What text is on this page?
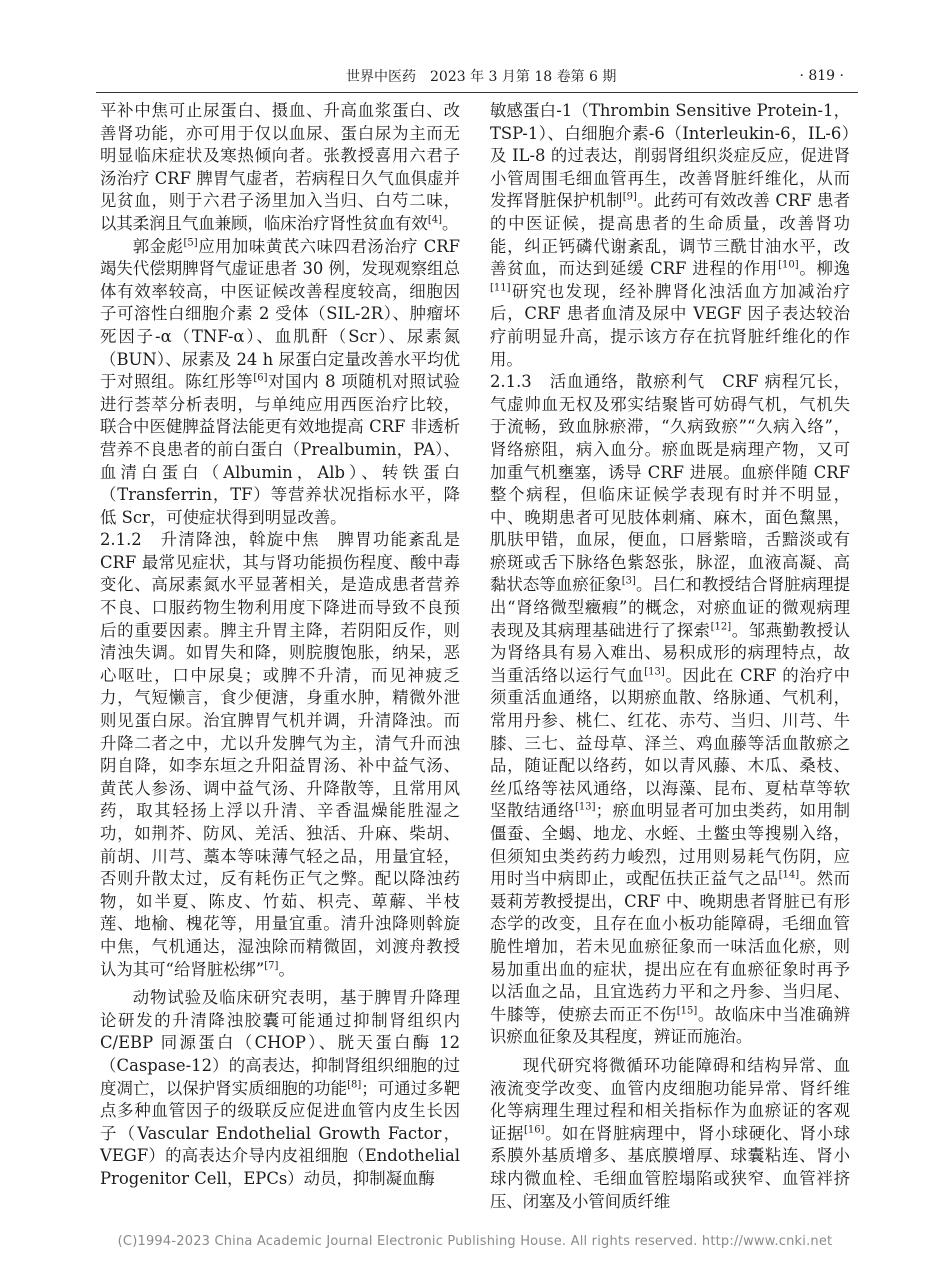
世界中医药　 2023 年 3 月第 18 卷第 6 期	· 819 ·

平补中焦可止尿蛋白、摄血、升高血浆蛋白、改善肾功能，亦可用于仅以血尿、蛋白尿为主而无明显临床症状及寒热倾向者。张教授喜用六君子汤治疗 CRF 脾胃气虚者，若病程日久气血俱虚并见贫血，则于六君子汤里加入当归、白芍二味，以其柔润且气血兼顾，临床治疗肾性贫血有效[4]。

郭金彪[5]应用加味黄芪六味四君汤治疗 CRF 竭失代偿期脾肾气虚证患者 30 例，发现观察组总体有效率较高，中医证候改善程度较高，细胞因子可溶性白细胞介素 2 受体（SIL-2R）、肿瘤坏死因子-α（TNF-α）、血肌酐（Scr）、尿素氮（BUN）、尿素及 24 h 尿蛋白定量改善水平均优于对照组。陈红彤等[6]对国内 8 项随机对照试验进行荟萃分析表明，与单纯应用西医治疗比较，联合中医健脾益肾法能更有效地提高 CRF 非透析营养不良患者的前白蛋白（Prealbumin，PA）、血清白蛋白（Albumin，Alb）、转铁蛋白（Transferrin，TF）等营养状况指标水平，降低 Scr，可使症状得到明显改善。

2.1.2　升清降浊，斡旋中焦　 脾胃功能紊乱是 CRF 最常见症状，其与肾功能损伤程度、酸中毒变化、高尿素氮水平显著相关，是造成患者营养不良、口服药物生物利用度下降进而导致不良预后的重要因素。脾主升胃主降，若阴阳反作，则清浊失调。如胃失和降，则脘腹饱胀，纳呆，恶心呕吐，口中尿臭；或脾不升清，而见神疲乏力，气短懒言，食少便溏，身重水肿，精微外泄则见蛋白尿。治宜脾胃气机并调，升清降浊。而升降二者之中，尤以升发脾气为主，清气升而浊阴自降，如李东垣之升阳益胃汤、补中益气汤、黄芪人参汤、调中益气汤、升降散等，且常用风药，取其轻扬上浮以升清、辛香温燥能胜湿之功，如荆芥、防风、羌活、独活、升麻、柴胡、前胡、川芎、藁本等味薄气轻之品，用量宜轻，否则升散太过，反有耗伤正气之弊。配以降浊药物，如半夏、陈皮、竹茹、枳壳、萆薢、半枝莲、地榆、槐花等，用量宜重。清升浊降则斡旋中焦，气机通达，湿浊除而精微固，刘渡舟教授认为其可“给肾脏松绑”[7]。

动物试验及临床研究表明，基于脾胃升降理论研发的升清降浊胶囊可能通过抑制肾组织内 C/EBP 同源蛋白（CHOP）、胱天蛋白酶 12（Caspase-12）的高表达，抑制肾组织细胞的过度凋亡，以保护肾实质细胞的功能[8]；可通过多靶点多种血管因子的级联反应促进血管内皮生长因子（Vascular Endothelial Growth Factor，VEGF）的高表达介导内皮祖细胞（Endothelial Progenitor Cell，EPCs）动员，抑制凝血酶

敏感蛋白-1（Thrombin Sensitive Protein-1，TSP-1）、白细胞介素-6（Interleukin-6，IL-6）及 IL-8 的过表达，削弱肾组织炎症反应，促进肾小管周围毛细血管再生，改善肾脏纤维化，从而发挥肾脏保护机制[9]。此药可有效改善 CRF 患者的中医证候，提高患者的生命质量，改善肾功能，纠正钙磷代谢紊乱，调节三酰甘油水平，改善贫血，而达到延缓 CRF 进程的作用[10]。柳逸[11]研究也发现，经补脾肾化浊活血方加减治疗后，CRF 患者血清及尿中 VEGF 因子表达较治疗前明显升高，提示该方存在抗肾脏纤维化的作用。

2.1.3　活血通络，散瘀利气　 CRF 病程冗长，气虚帅血无权及邪实结聚皆可妨碍气机，气机失于流畅，致血脉瘀滞，“久病致瘀”“久病入络”，肾络瘀阻，病入血分。瘀血既是病理产物，又可加重气机壅塞，诱导 CRF 进展。血瘀伴随 CRF 整个病程，但临床证候学表现有时并不明显，中、晚期患者可见肢体刺痛、麻木，面色黧黑，肌肤甲错，血尿，便血，口唇紫暗，舌黯淡或有瘀斑或舌下脉络色紫怒张，脉涩，血液高凝、高黏状态等血瘀征象[3]。吕仁和教授结合肾脏病理提出“肾络微型癥瘕”的概念，对瘀血证的微观病理表现及其病理基础进行了探索[12]。邹燕勤教授认为肾络具有易入难出、易积成形的病理特点，故当重活络以运行气血[13]。因此在 CRF 的治疗中须重活血通络，以期瘀血散、络脉通、气机利，常用丹参、桃仁、红花、赤芍、当归、川芎、牛膝、三七、益母草、泽兰、鸡血藤等活血散瘀之品，随证配以络药，如以青风藤、木瓜、桑枝、丝瓜络等祛风通络，以海藻、昆布、夏枯草等软坚散结通络[13]；瘀血明显者可加虫类药，如用制僵蚕、全蝎、地龙、水蛭、土鳖虫等搜剔入络，但须知虫类药药力峻烈，过用则易耗气伤阴，应用时当中病即止，或配伍扶正益气之品[14]。然而聂莉芳教授提出，CRF 中、晚期患者肾脏已有形态学的改变，且存在血小板功能障碍，毛细血管脆性增加，若未见血瘀征象而一味活血化瘀，则易加重出血的症状，提出应在有血瘀征象时再予以活血之品，且宜选药力平和之丹参、当归尾、牛膝等，使瘀去而正不伤[15]。故临床中当准确辨识瘀血征象及其程度，辨证而施治。

现代研究将微循环功能障碍和结构异常、血液流变学改变、血管内皮细胞功能异常、肾纤维化等病理生理过程和相关指标作为血瘀证的客观证据[16]。如在肾脏病理中，肾小球硬化、肾小球系膜外基质增多、基底膜增厚、球囊粘连、肾小球内微血栓、毛细血管腔塌陷或狭窄、血管袢挤压、闭塞及小管间质纤维

(C)1994-2023 China Academic Journal Electronic Publishing House. All rights reserved. http://www.cnki.net
